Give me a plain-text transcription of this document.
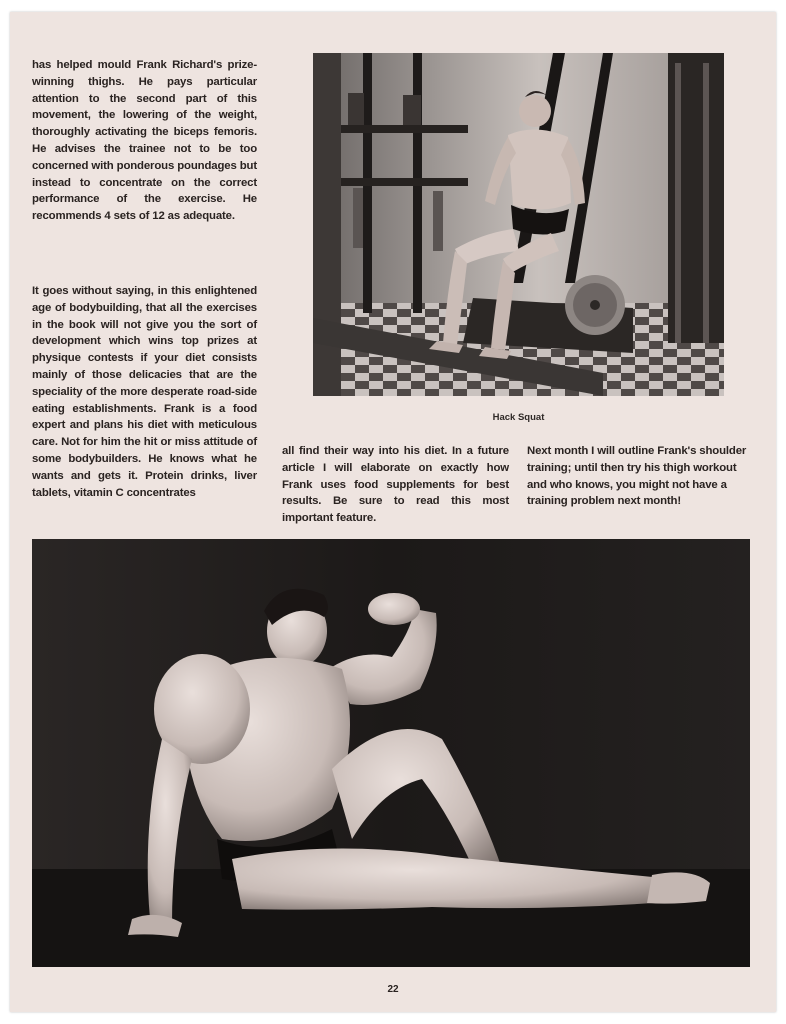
has helped mould Frank Richard's prize-winning thighs. He pays particular attention to the second part of this movement, the lowering of the weight, thoroughly activating the biceps femoris. He advises the trainee not to be too concerned with ponderous poundages but instead to concentrate on the correct performance of the exercise. He recommends 4 sets of 12 as adequate.
It goes without saying, in this enlightened age of bodybuilding, that all the exercises in the book will not give you the sort of development which wins top prizes at physique contests if your diet consists mainly of those delicacies that are the speciality of the more desperate road-side eating establishments. Frank is a food expert and plans his diet with meticulous care. Not for him the hit or miss attitude of some bodybuilders. He knows what he wants and gets it. Protein drinks, liver tablets, vitamin C concentrates
all find their way into his diet. In a future article I will elaborate on exactly how Frank uses food supplements for best results. Be sure to read this most important feature.
Next month I will outline Frank's shoulder training; until then try his thigh workout and who knows, you might not have a training problem next month!
Hack Squat
22
